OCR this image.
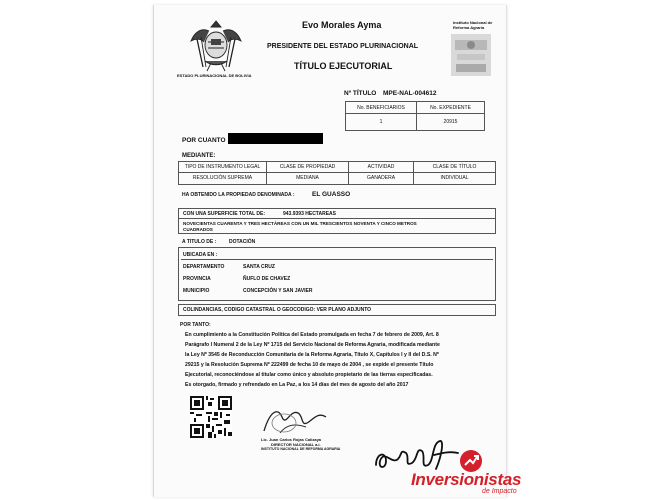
ESTADO PLURINACIONAL DE BOLIVIA
Evo Morales Ayma
PRESIDENTE DEL ESTADO PLURINACIONAL
TÍTULO EJECUTORIAL
Instituto Nacional de Reforma Agraria
Nº TÍTULO MPE-NAL-004612
No. BENEFICIARIOS	No. EXPEDIENTE
1	20915
POR CUANTO
MEDIANTE:
TIPO DE INSTRUMENTO LEGAL	CLASE DE PROPIEDAD	ACTIVIDAD	CLASE DE TÍTULO
RESOLUCIÓN SUPREMA	MEDIANA	GANADERA	INDIVIDUAL
HA OBTENIDO LA PROPIEDAD DENOMINADA :	EL GUASSO
CON UNA SUPERFICIE TOTAL DE:	943.9393 HECTAREAS
NOVECIENTAS CUARENTA Y TRES HECTÁREAS CON UN MIL TRESCIENTOS NOVENTA Y CINCO METROS
CUADRADOS
A TITULO DE :	DOTACIÓN
UBICADA EN :
DEPARTAMENTO	SANTA CRUZ
PROVINCIA	ÑUFLO DE CHAVEZ
MUNICIPIO	CONCEPCIÓN Y SAN JAVIER
COLINDANCIAS, CODIGO CATASTRAL O GEOCODIGO: VER PLANO ADJUNTO
POR TANTO:
En cumplimiento a la Constitución Política del Estado promulgada en fecha 7 de febrero de 2009, Art. 8
Parágrafo I Numeral 2 de la Ley Nº 1715 del Servicio Nacional de Reforma Agraria, modificada mediante
la Ley Nº 3545 de Reconducción Comunitaria de la Reforma Agraria, Título X, Capítulos I y II del D.S. Nº
29215 y la Resolución Suprema Nº 222499 de fecha 10 de mayo de 2004 , se expide el presente Título
Ejecutorial, reconociéndose al titular como único y absoluto propietario de las tierras especificadas.
Es otorgado, firmado y refrendado en La Paz, a los 14 días del mes de agosto del año 2017
Lic. Juan Carlos Rojas Calizaya
DIRECTOR NACIONAL a.i.
INSTITUTO NACIONAL DE REFORMA AGRARIA
Inversionistas
de Impacto
